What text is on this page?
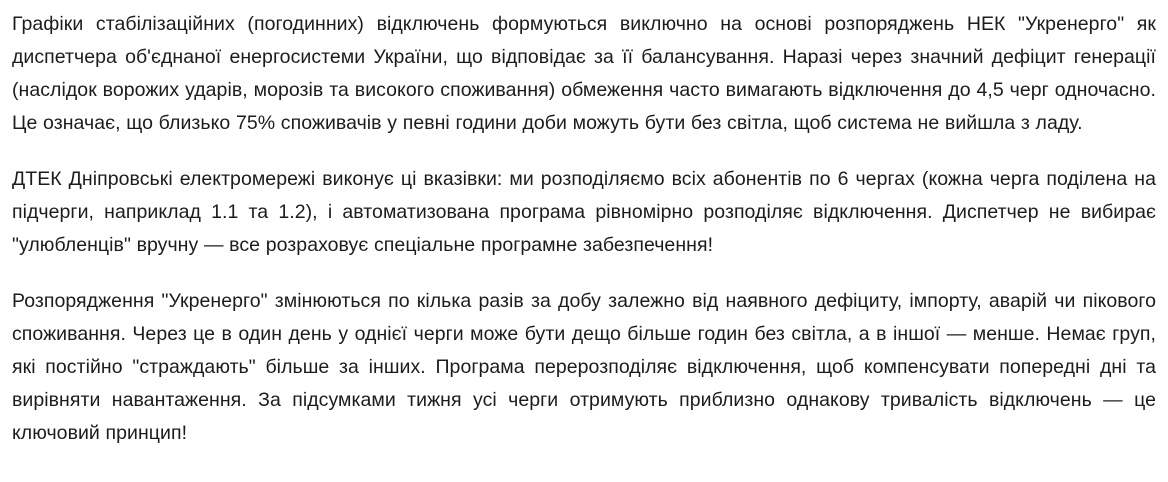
Графіки стабілізаційних (погодинних) відключень формуються виключно на основі розпоряджень НЕК "Укренерго" як диспетчера об'єднаної енергосистеми України, що відповідає за її балансування. Наразі через значний дефіцит генерації (наслідок ворожих ударів, морозів та високого споживання) обмеження часто вимагають відключення до 4,5 черг одночасно. Це означає, що близько 75% споживачів у певні години доби можуть бути без світла, щоб система не вийшла з ладу.

ДТЕК Дніпровські електромережі виконує ці вказівки: ми розподіляємо всіх абонентів по 6 чергах (кожна черга поділена на підчерги, наприклад 1.1 та 1.2), і автоматизована програма рівномірно розподіляє відключення. Диспетчер не вибирає "улюбленців" вручну — все розраховує спеціальне програмне забезпечення!

Розпорядження "Укренерго" змінюються по кілька разів за добу залежно від наявного дефіциту, імпорту, аварій чи пікового споживання. Через це в один день у однієї черги може бути дещо більше годин без світла, а в іншої — менше. Немає груп, які постійно "страждають" більше за інших. Програма перерозподіляє відключення, щоб компенсувати попередні дні та вирівняти навантаження. За підсумками тижня усі черги отримують приблизно однакову тривалість відключень — це ключовий принцип!
